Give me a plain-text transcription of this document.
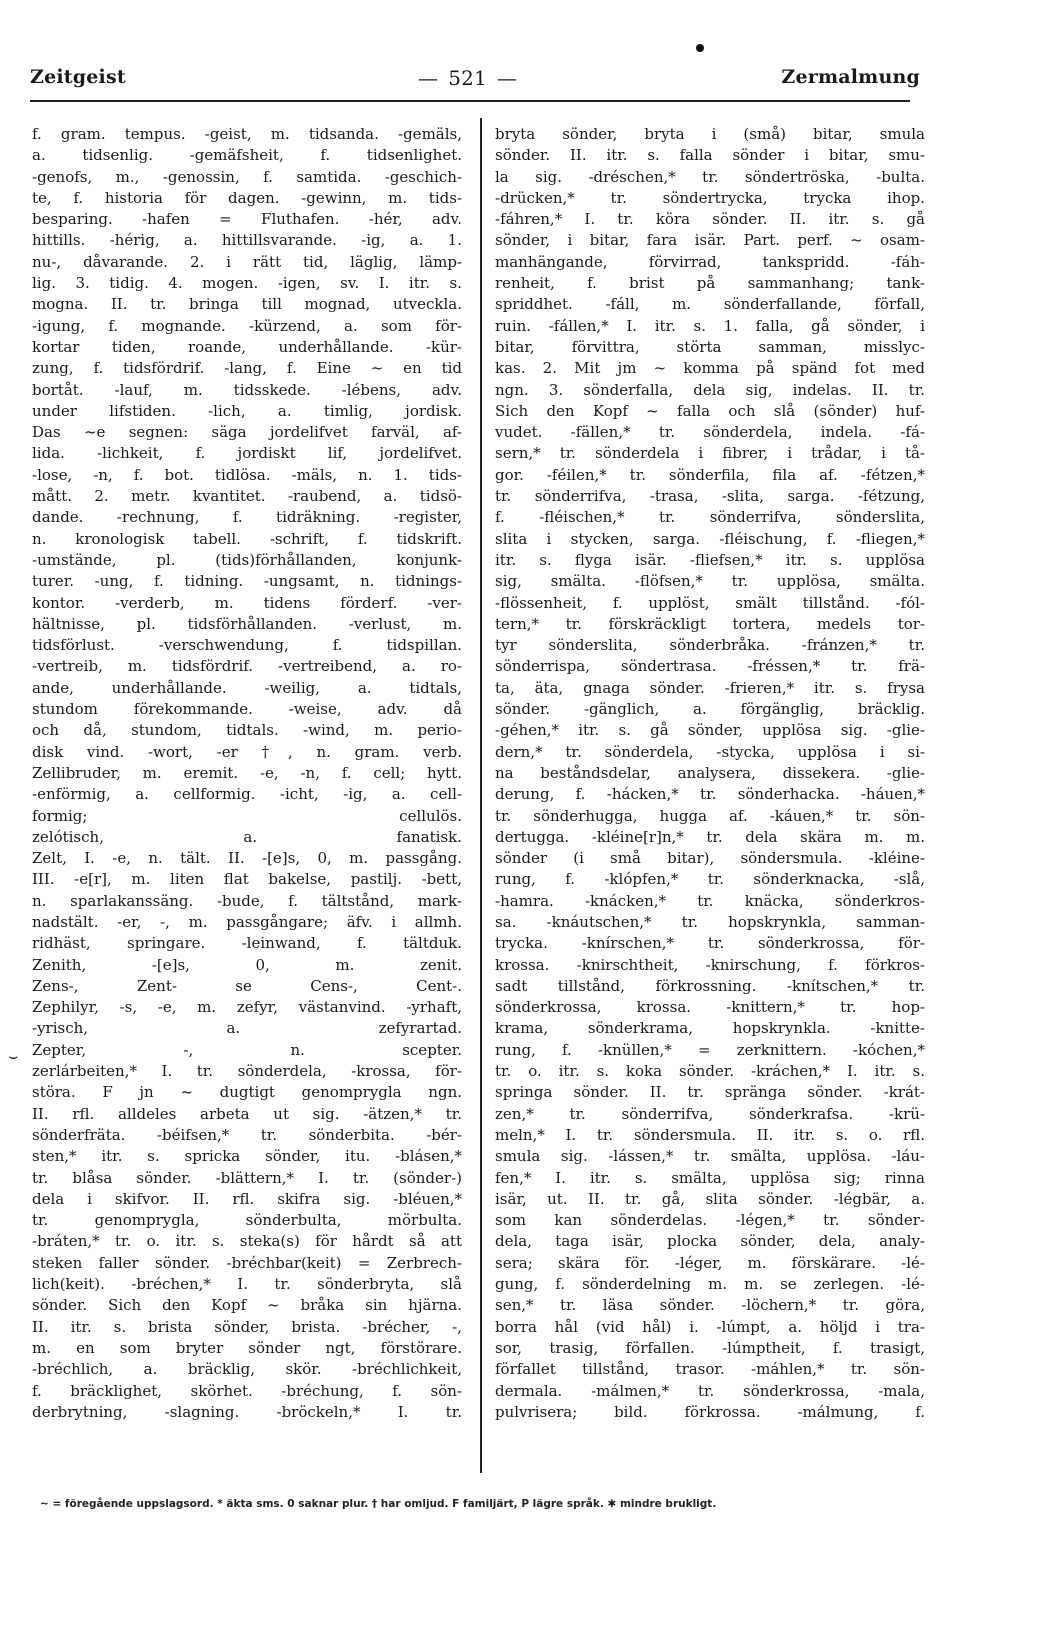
Zeitgeist	— 521 —	Zermalmung
f. gram. tempus. -geist, m. tidsanda. -gemäls,
a. tidsenlig. -gemäfsheit, f. tidsenlighet.
-genofs, m., -genossin, f. samtida. -geschich-
te, f. historia för dagen. -gewinn, m. tids-
besparing. -hafen = Fluthafen. -hér, adv.
hittills. -hérig, a. hittillsvarande. -ig, a. 1.
nu-, dåvarande. 2. i rätt tid, läglig, lämp-
lig. 3. tidig. 4. mogen. -igen, sv. I. itr. s.
mogna. II. tr. bringa till mognad, utveckla.
-igung, f. mognande. -kürzend, a. som för-
kortar tiden, roande, underhållande. -kür-
zung, f. tidsfördrif. -lang, f. Eine ~ en tid
bortåt. -lauf, m. tidsskede. -lébens, adv.
under lifstiden. -lich, a. timlig, jordisk.
Das ~e segnen: säga jordelifvet farväl, af-
lida. -lichkeit, f. jordiskt lif, jordelifvet.
-lose, -n, f. bot. tidlösa. -mäls, n. 1. tids-
mått. 2. metr. kvantitet. -raubend, a. tidsö-
dande. -rechnung, f. tidräkning. -register,
n. kronologisk tabell. -schrift, f. tidskrift.
-umstände, pl. (tids)förhållanden, konjunk-
turer. -ung, f. tidning. -ungsamt, n. tidnings-
kontor. -verderb, m. tidens förderf. -ver-
hältnisse, pl. tidsförhållanden. -verlust, m.
tidsförlust. -verschwendung, f. tidspillan.
-vertreib, m. tidsfördrif. -vertreibend, a. ro-
ande, underhållande. -weilig, a. tidtals,
stundom förekommande. -weise, adv. då
och då, stundom, tidtals. -wind, m. perio-
disk vind. -wort, -er †, n. gram. verb.
Zellibruder, m. eremit. -e, -n, f. cell; hytt.
-enförmig, a. cellformig. -icht, -ig, a. cell-
formig; cellulös.
zelótisch, a. fanatisk.
Zelt, I. -e, n. tält. II. -[e]s, 0, m. passgång.
III. -e[r], m. liten flat bakelse, pastilj. -bett,
n. sparlakanssäng. -bude, f. tältstånd, mark-
nadstält. -er, -, m. passgångare; äfv. i allmh.
ridhäst, springare. -leinwand, f. tältduk.
Zenith, -[e]s, 0, m. zenit.
Zens-, Zent- se Cens-, Cent-.
Zephilyr, -s, -e, m. zefyr, västanvind. -yrhaft,
-yrisch, a. zefyrartad.
Zepter, -, n. scepter.
zerlárbeiten,* I. tr. sönderdela, -krossa, för-
störa. F jn ~ dugtigt genomprygla ngn.
II. rfl. alldeles arbeta ut sig. -ätzen,* tr.
sönderfräta. -béifsen,* tr. sönderbita. -bér-
sten,* itr. s. spricka sönder, itu. -blásen,*
tr. blåsa sönder. -blättern,* I. tr. (sönder-)
dela i skifvor. II. rfl. skifra sig. -bléuen,*
tr. genomprygla, sönderbulta, mörbulta.
-bráten,* tr. o. itr. s. steka(s) för hårdt så att
steken faller sönder. -bréchbar(keit) = Zerbrech-
lich(keit). -bréchen,* I. tr. sönderbryta, slå
sönder. Sich den Kopf ~ bråka sin hjärna.
II. itr. s. brista sönder, brista. -brécher, -,
m. en som bryter sönder ngt, förstörare.
-bréchlich, a. bräcklig, skör. -bréchlichkeit,
f. bräcklighet, skörhet. -bréchung, f. sön-
derbrytning, -slagning. -bröckeln,* I. tr.
bryta sönder, bryta i (små) bitar, smula
sönder. II. itr. s. falla sönder i bitar, smu-
la sig. -dréschen,* tr. söndertröska, -bulta.
-drücken,* tr. söndertrycka, trycka ihop.
-fáhren,* I. tr. köra sönder. II. itr. s. gå
sönder, i bitar, fara isär. Part. perf. ~ osam-
manhängande, förvirrad, tankspridd. -fáh-
renheit, f. brist på sammanhang; tank-
spriddhet. -fáll, m. sönderfallande, förfall,
ruin. -fállen,* I. itr. s. 1. falla, gå sönder, i
bitar, förvittra, störta samman, misslyc-
kas. 2. Mit jm ~ komma på spänd fot med
ngn. 3. sönderfalla, dela sig, indelas. II. tr.
Sich den Kopf ~ falla och slå (sönder) huf-
vudet. -fällen,* tr. sönderdela, indela. -fá-
sern,* tr. sönderdela i fibrer, i trådar, i tå-
gor. -féilen,* tr. sönderfila, fila af. -fétzen,*
tr. sönderrifva, -trasa, -slita, sarga. -fétzung,
f. -fléischen,* tr. sönderrifva, sönderslita,
slita i stycken, sarga. -fléischung, f. -fliegen,*
itr. s. flyga isär. -fliefsen,* itr. s. upplösa
sig, smälta. -flöfsen,* tr. upplösa, smälta.
-flössenheit, f. upplöst, smält tillstånd. -fól-
tern,* tr. förskräckligt tortera, medels tor-
tyr sönderslita, sönderbråka. -fránzen,* tr.
sönderrispa, söndertrasa. -fréssen,* tr. frä-
ta, äta, gnaga sönder. -frieren,* itr. s. frysa
sönder. -gänglich, a. förgänglig, bräcklig.
-géhen,* itr. s. gå sönder, upplösa sig. -glie-
dern,* tr. sönderdela, -stycka, upplösa i si-
na beståndsdelar, analysera, dissekera. -glie-
derung, f. -hácken,* tr. sönderhacka. -háuen,*
tr. sönderhugga, hugga af. -káuen,* tr. sön-
dertugga. -kléine[r]n,* tr. dela skära m. m.
sönder (i små bitar), söndersmula. -kléine-
rung, f. -klópfen,* tr. sönderknacka, -slå,
-hamra. -knácken,* tr. knäcka, sönderkros-
sa. -knáutschen,* tr. hopskrynkla, samman-
trycka. -knírschen,* tr. sönderkrossa, för-
krossa. -knirschtheit, -knirschung, f. förkros-
sadt tillstånd, förkrossning. -knítschen,* tr.
sönderkrossa, krossa. -knittern,* tr. hop-
krama, sönderkrama, hopskrynkla. -knitte-
rung, f. -knüllen,* = zerknittern. -kóchen,*
tr. o. itr. s. koka sönder. -kráchen,* I. itr. s.
springa sönder. II. tr. spränga sönder. -krát-
zen,* tr. sönderrifva, sönderkrafsa. -krü-
meln,* I. tr. söndersmula. II. itr. s. o. rfl.
smula sig. -lássen,* tr. smälta, upplösa. -láu-
fen,* I. itr. s. smälta, upplösa sig; rinna
isär, ut. II. tr. gå, slita sönder. -légbär, a.
som kan sönderdelas. -légen,* tr. sönder-
dela, taga isär, plocka sönder, dela, analy-
sera; skära för. -léger, m. förskärare. -lé-
gung, f. sönderdelning m. m. se zerlegen. -lé-
sen,* tr. läsa sönder. -löchern,* tr. göra,
borra hål (vid hål) i. -lúmpt, a. höljd i tra-
sor, trasig, förfallen. -lúmptheit, f. trasigt,
förfallet tillstånd, trasor. -máhlen,* tr. sön-
dermala. -málmen,* tr. sönderkrossa, -mala,
pulvrisera; bild. förkrossa. -málmung, f.
⌣
~ = föregående uppslagsord. * äkta sms. 0 saknar plur. † har omljud. F familjärt, P lägre språk. ✱ mindre brukligt.
